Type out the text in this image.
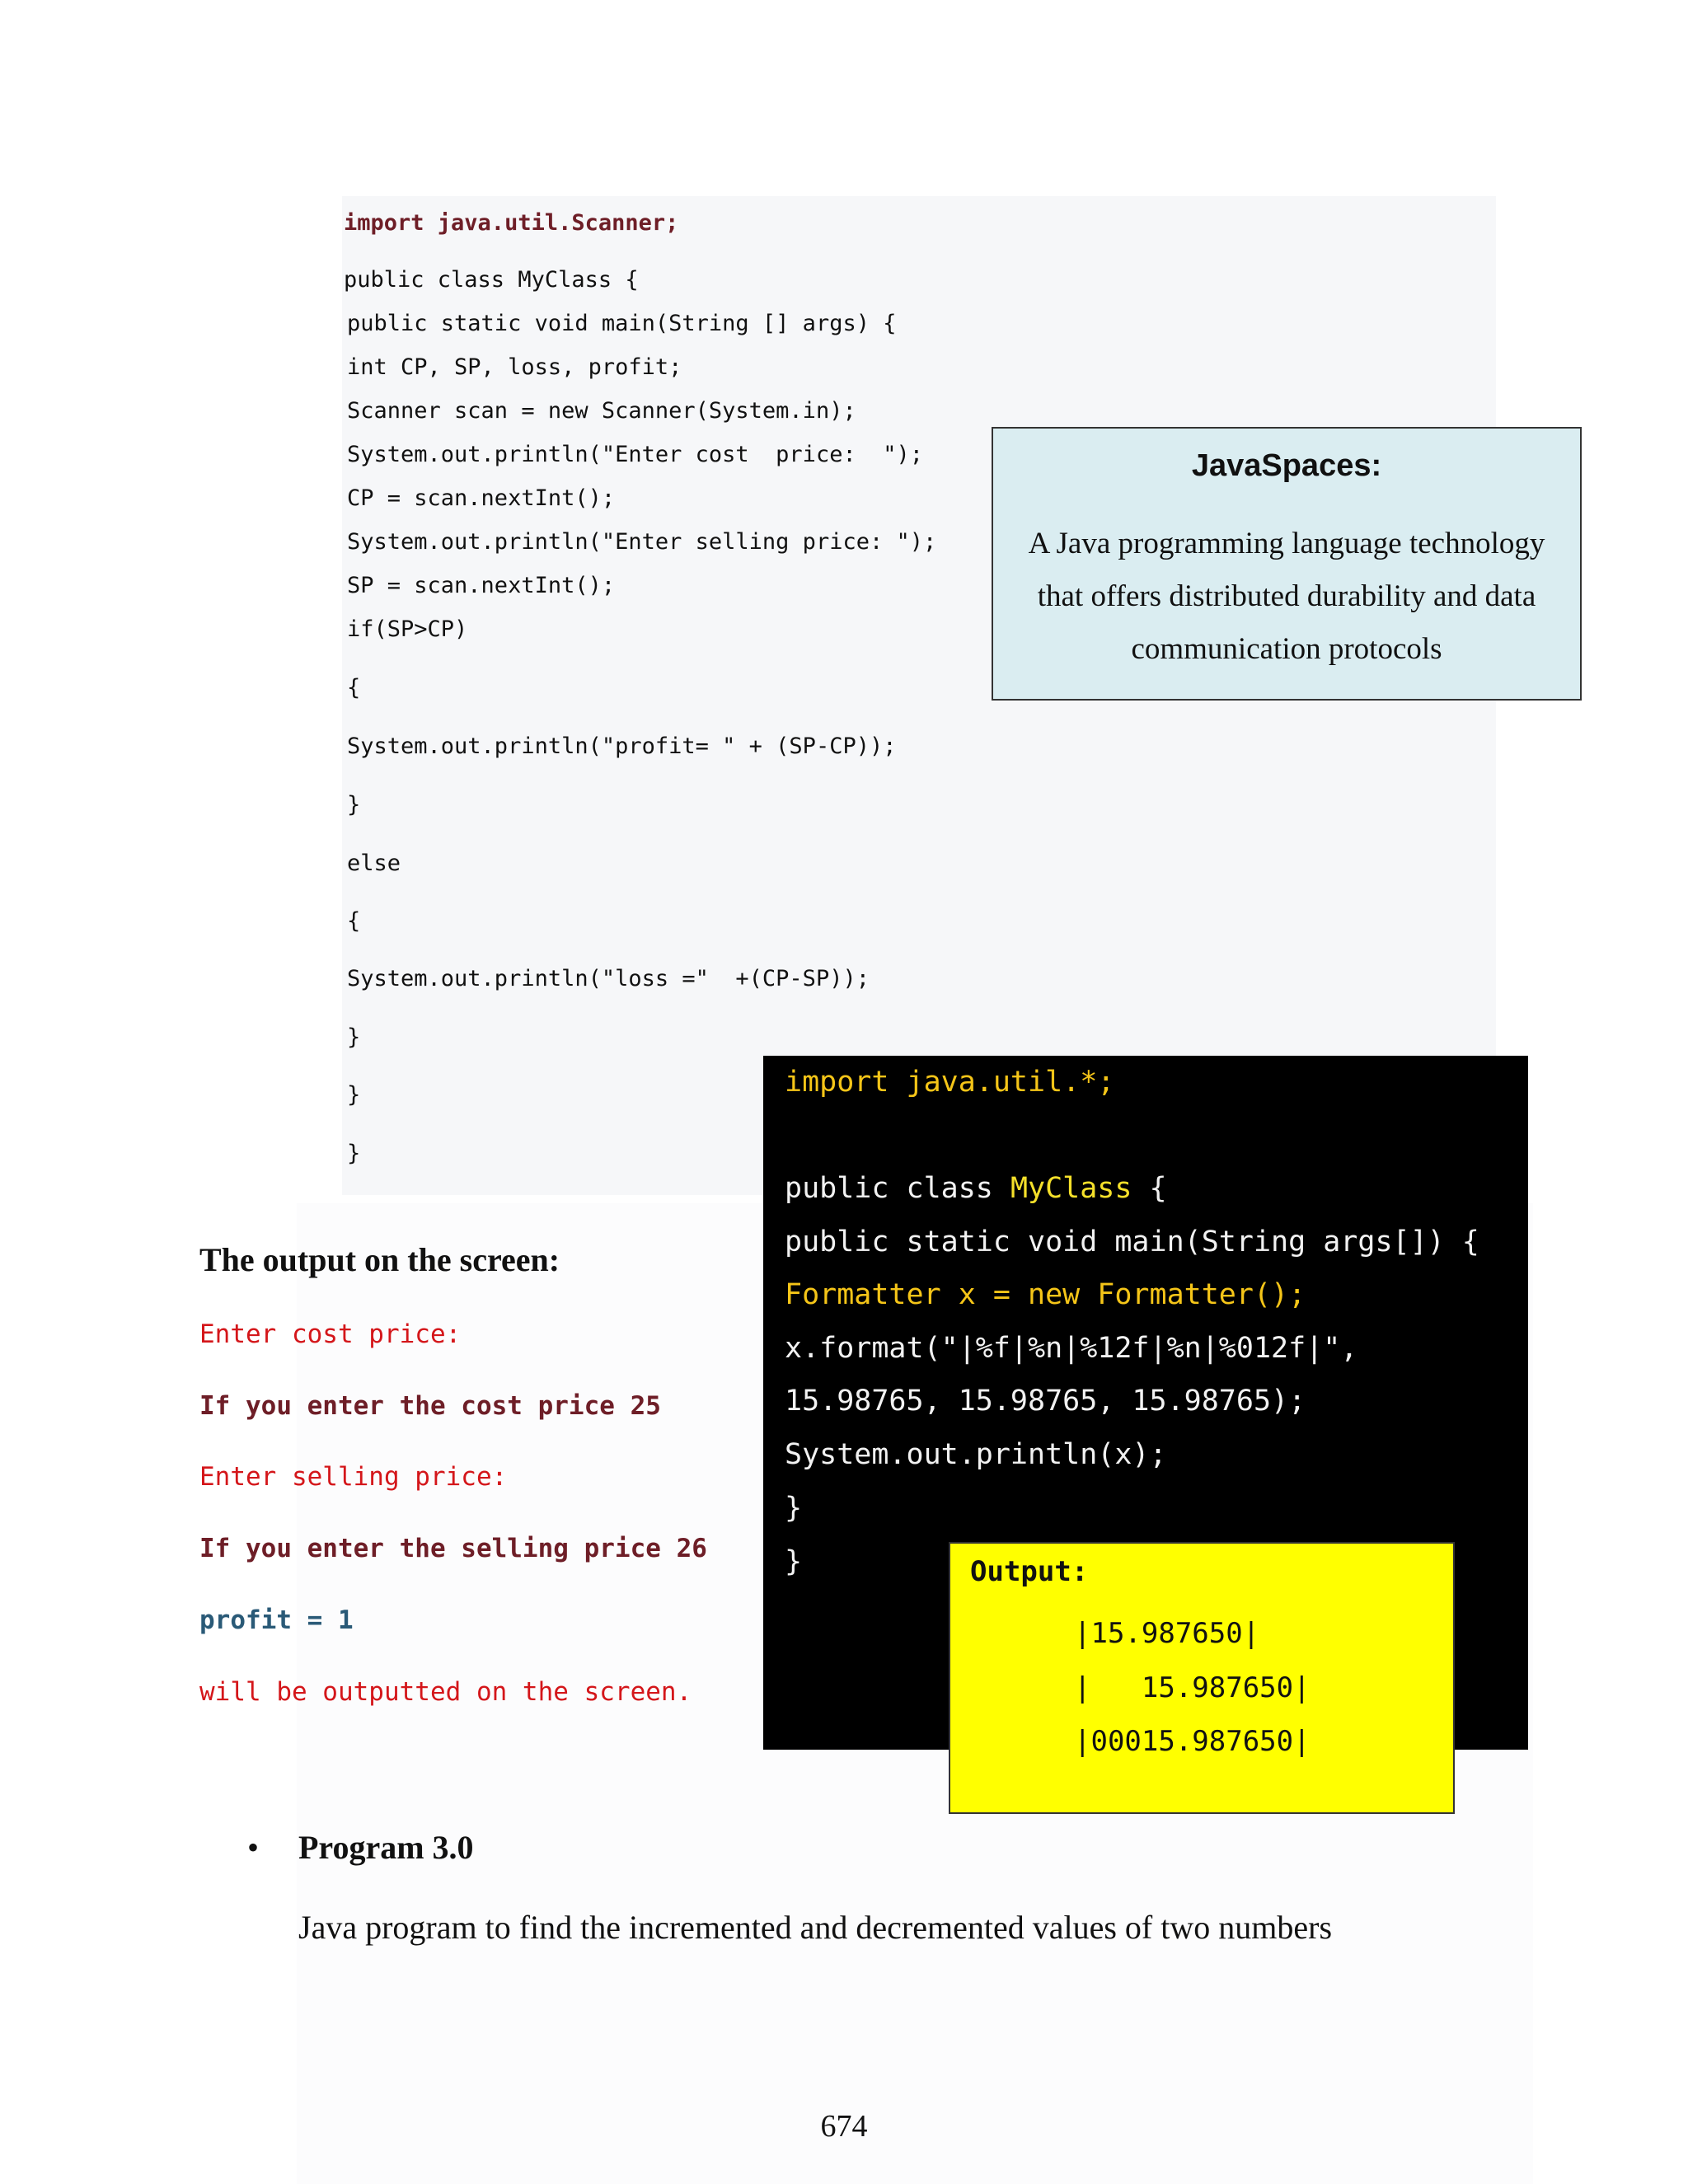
import java.util.Scanner;
public class MyClass {
public static void main(String [] args) {
int CP, SP, loss, profit;
Scanner scan = new Scanner(System.in);
System.out.println("Enter cost  price:  ");
CP = scan.nextInt();
System.out.println("Enter selling price: ");
SP = scan.nextInt();
if(SP>CP)
{
System.out.println("profit= " + (SP-CP));
}
else
{
System.out.println("loss ="  +(CP-SP));
}
}
}
JavaSpaces:
A Java programming language technology that offers distributed durability and data communication protocols
The output on the screen:
Enter cost price:
If you enter the cost price 25
Enter selling price:
If you enter the selling price 26
profit = 1
will be outputted on the screen.
import java.util.*;
public class MyClass {
public static void main(String args[]) {
Formatter x = new Formatter();
x.format("|%f|%n|%12f|%n|%012f|",
15.98765, 15.98765, 15.98765);
System.out.println(x);
}
}	Output:
|15.987650|
|   15.987650|
|00015.987650|
• Program 3.0
Java program to find the incremented and decremented values of two numbers
674
